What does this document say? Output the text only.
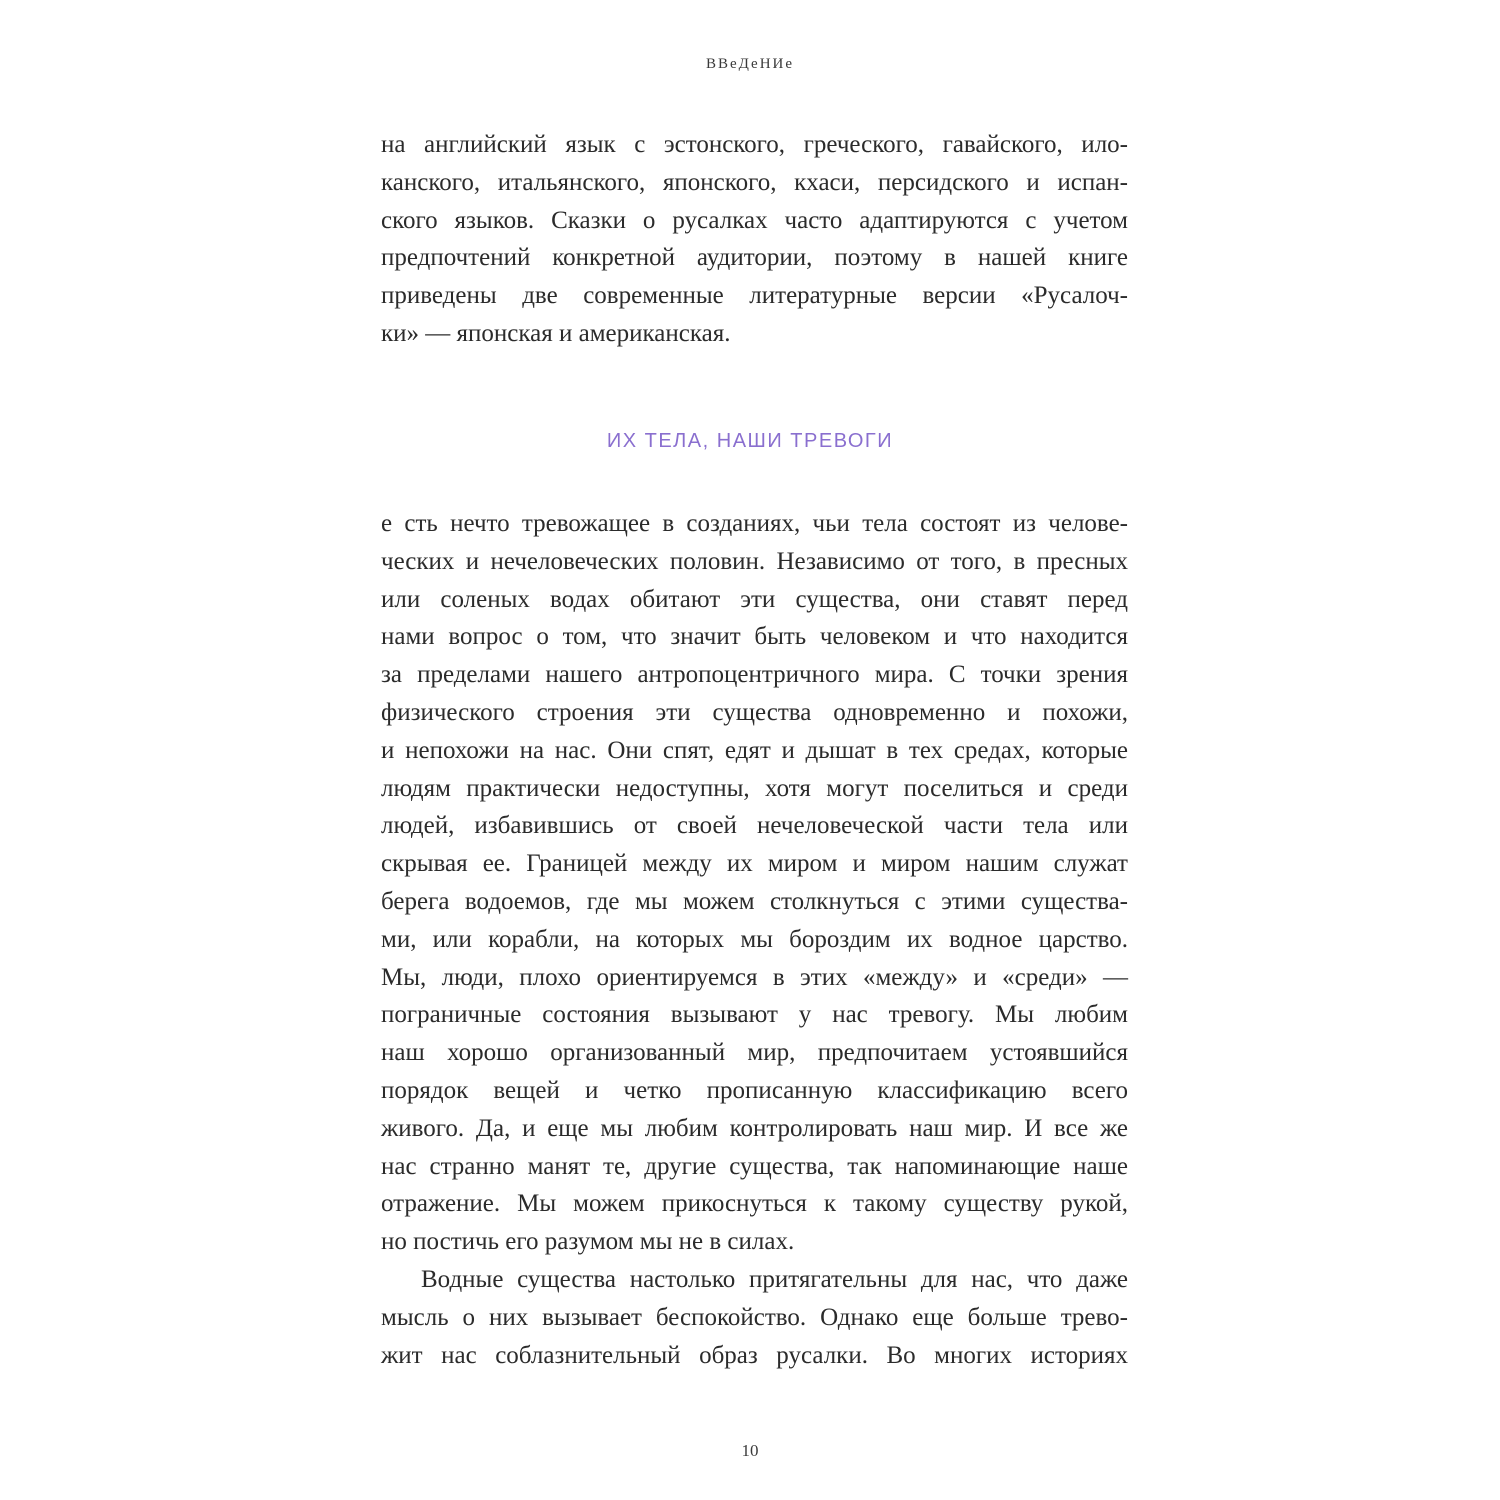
ВВеДеНИе
на английский язык с эстонского, греческого, гавайского, ило-
канского, итальянского, японского, кхаси, персидского и испан-
ского языков. Сказки о русалках часто адаптируются с учетом
предпочтений конкретной аудитории, поэтому в нашей книге
приведены две современные литературные версии «Русалоч-
ки» — японская и американская.
ИХ ТЕЛА, НАШИ ТРЕВОГИ
е сть нечто тревожащее в созданиях, чьи тела состоят из челове-
ческих и нечеловеческих половин. Независимо от того, в пресных
или соленых водах обитают эти существа, они ставят перед
нами вопрос о том, что значит быть человеком и что находится
за пределами нашего антропоцентричного мира. С точки зрения
физического строения эти существа одновременно и похожи,
и непохожи на нас. Они спят, едят и дышат в тех средах, которые
людям практически недоступны, хотя могут поселиться и среди
людей, избавившись от своей нечеловеческой части тела или
скрывая ее. Границей между их миром и миром нашим служат
берега водоемов, где мы можем столкнуться с этими существа-
ми, или корабли, на которых мы бороздим их водное царство.
Мы, люди, плохо ориентируемся в этих «между» и «среди» —
пограничные состояния вызывают у нас тревогу. Мы любим
наш хорошо организованный мир, предпочитаем устоявшийся
порядок вещей и четко прописанную классификацию всего
живого. Да, и еще мы любим контролировать наш мир. И все же
нас странно манят те, другие существа, так напоминающие наше
отражение. Мы можем прикоснуться к такому существу рукой,
но постичь его разумом мы не в силах.
Водные существа настолько притягательны для нас, что даже
мысль о них вызывает беспокойство. Однако еще больше трево-
жит нас соблазнительный образ русалки. Во многих историях
10
